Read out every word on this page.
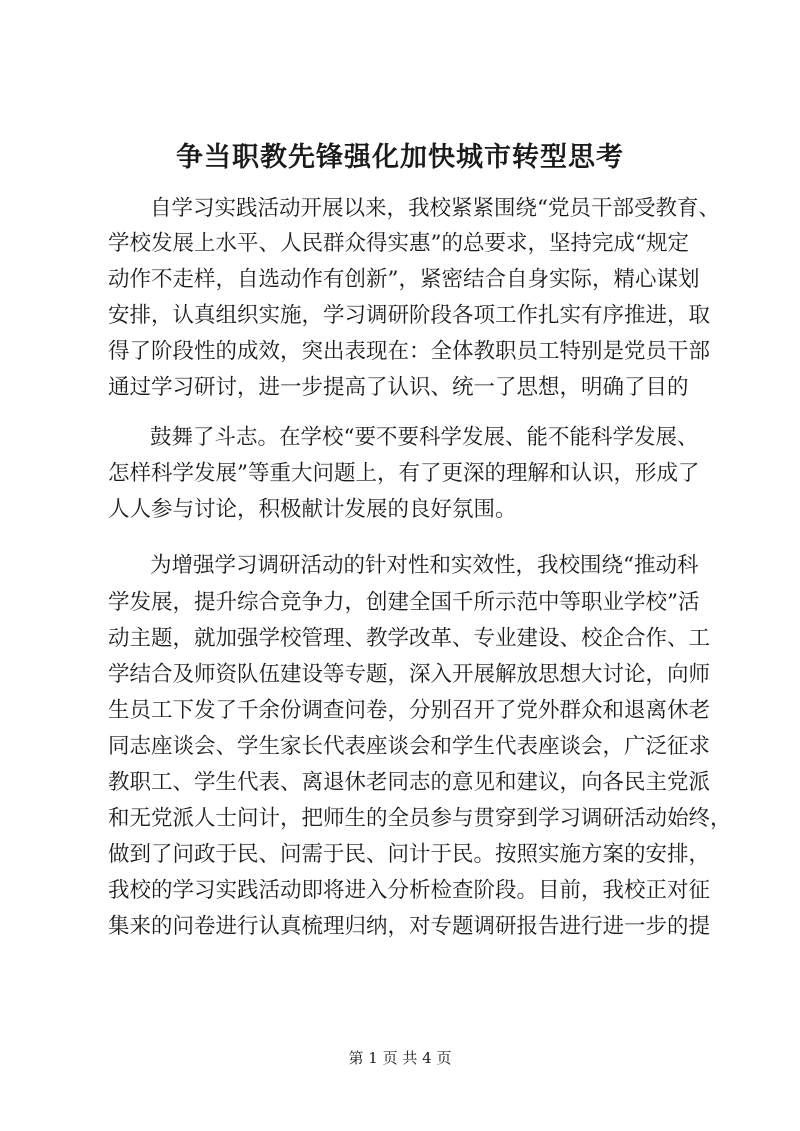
争当职教先锋强化加快城市转型思考

自学习实践活动开展以来，我校紧紧围绕“党员干部受教育、

学校发展上水平、人民群众得实惠”的总要求，坚持完成“规定

动作不走样，自选动作有创新”，紧密结合自身实际，精心谋划

安排，认真组织实施，学习调研阶段各项工作扎实有序推进，取

得了阶段性的成效，突出表现在：全体教职员工特别是党员干部

通过学习研讨，进一步提高了认识、统一了思想，明确了目的

鼓舞了斗志。在学校“要不要科学发展、能不能科学发展、

怎样科学发展”等重大问题上，有了更深的理解和认识，形成了

人人参与讨论，积极献计发展的良好氛围。

为增强学习调研活动的针对性和实效性，我校围绕“推动科

学发展，提升综合竞争力，创建全国千所示范中等职业学校”活

动主题，就加强学校管理、教学改革、专业建设、校企合作、工

学结合及师资队伍建设等专题，深入开展解放思想大讨论，向师

生员工下发了千余份调查问卷，分别召开了党外群众和退离休老

同志座谈会、学生家长代表座谈会和学生代表座谈会，广泛征求

教职工、学生代表、离退休老同志的意见和建议，向各民主党派

和无党派人士问计，把师生的全员参与贯穿到学习调研活动始终，

做到了问政于民、问需于民、问计于民。按照实施方案的安排，

我校的学习实践活动即将进入分析检查阶段。目前，我校正对征

集来的问卷进行认真梳理归纳，对专题调研报告进行进一步的提

第 1 页 共 4 页
